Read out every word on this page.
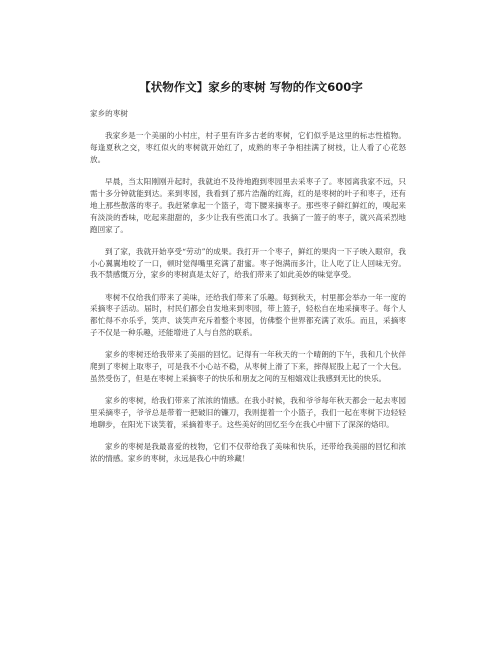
【状物作文】家乡的枣树 写物的作文600字

家乡的枣树

我家乡是一个美丽的小村庄，村子里有许多古老的枣树，它们似乎是这里的标志性植物。每逢夏秋之交，枣红似火的枣树就开始红了，成熟的枣子争相挂满了树枝，让人看了心花怒放。

早晨，当太阳刚刚升起时，我就迫不及待地跑到枣园里去采枣子了。枣园离我家不远，只需十多分钟就能到达。来到枣园，我看到了那片浩瀚的红海，红的是枣树的叶子和枣子，还有地上那些散落的枣子。我赶紧拿起一个篮子，弯下腰来摘枣子。那些枣子鲜红鲜红的，嗅起来有淡淡的香味，吃起来甜甜的，多少让我有些流口水了。我摘了一篮子的枣子，就兴高采烈地跑回家了。

到了家，我就开始享受“劳动”的成果。我打开一个枣子，鲜红的果肉一下子映入眼帘，我小心翼翼地咬了一口，顿时觉得嘴里充满了甜蜜。枣子饱满而多汁，让人吃了让人回味无穷。我不禁感慨万分，家乡的枣树真是太好了，给我们带来了如此美妙的味觉享受。

枣树不仅给我们带来了美味，还给我们带来了乐趣。每到秋天，村里都会举办一年一度的采摘枣子活动。届时，村民们都会自发地来到枣园，带上篮子，轻松自在地采摘枣子。每个人都忙得不亦乐乎，笑声、谈笑声充斥着整个枣园，仿佛整个世界都充满了欢乐。而且，采摘枣子不仅是一种乐趣，还能增进了人与自然的联系。

家乡的枣树还给我带来了美丽的回忆。记得有一年秋天的一个晴朗的下午，我和几个伙伴爬到了枣树上取枣子，可是我不小心站不稳，从枣树上滑了下来，摔得屁股上起了一个大包。虽然受伤了，但是在枣树上采摘枣子的快乐和朋友之间的互相嬉戏让我感到无比的快乐。

家乡的枣树，给我们带来了浓浓的情感。在我小时候，我和爷爷每年秋天都会一起去枣园里采摘枣子，爷爷总是带着一把破旧的镰刀，我则提着一个小篮子，我们一起在枣树下边轻轻地聊步，在阳光下谈笑着，采摘着枣子。这些美好的回忆至今在我心中留下了深深的烙印。

家乡的枣树是我最喜爱的枝物，它们不仅带给我了美味和快乐，还带给我美丽的回忆和浓浓的情感。家乡的枣树，永远是我心中的珍藏！
